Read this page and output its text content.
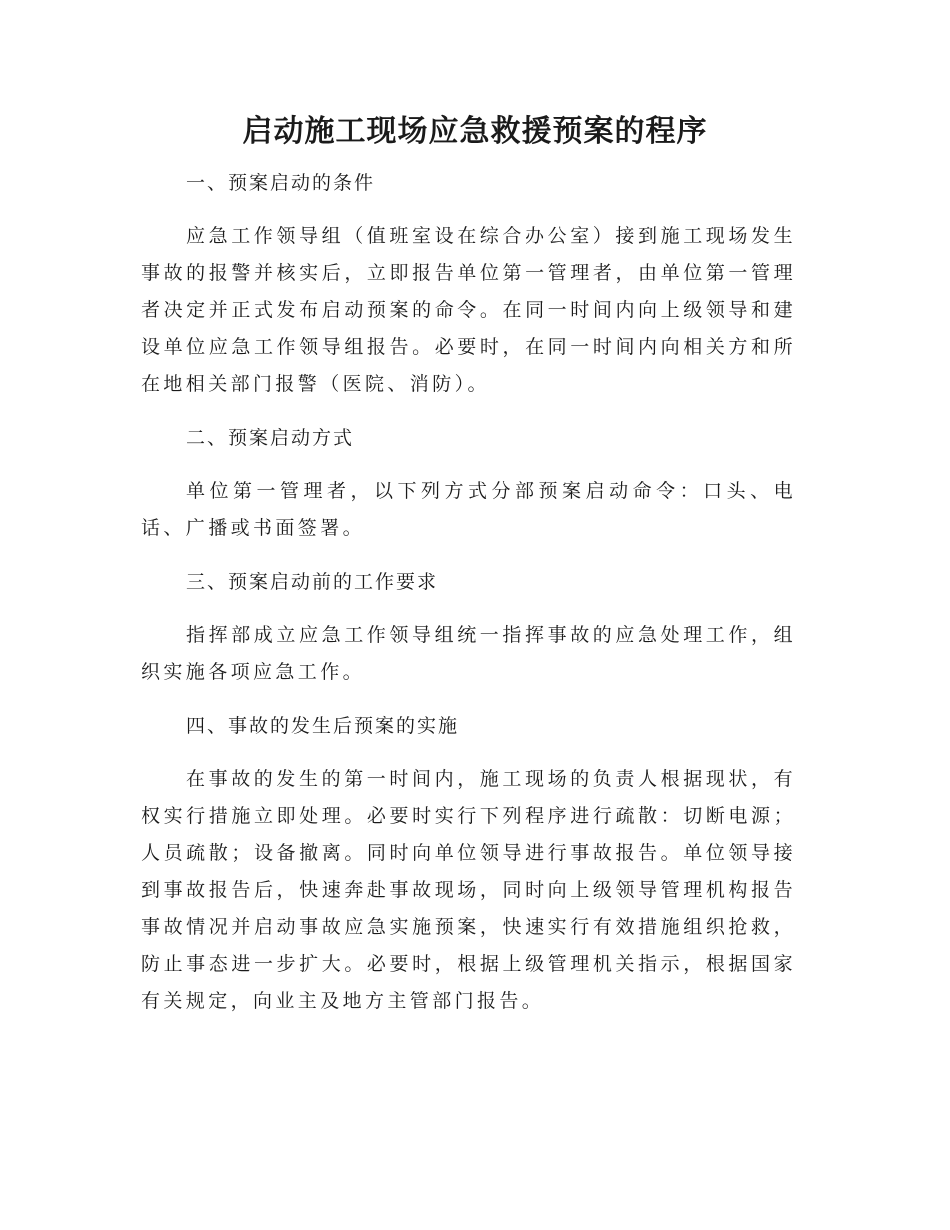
启动施工现场应急救援预案的程序

一、预案启动的条件

应急工作领导组（值班室设在综合办公室）接到施工现场发生事故的报警并核实后，立即报告单位第一管理者，由单位第一管理者决定并正式发布启动预案的命令。在同一时间内向上级领导和建设单位应急工作领导组报告。必要时，在同一时间内向相关方和所在地相关部门报警（医院、消防）。

二、预案启动方式

单位第一管理者，以下列方式分部预案启动命令：口头、电话、广播或书面签署。

三、预案启动前的工作要求

指挥部成立应急工作领导组统一指挥事故的应急处理工作，组织实施各项应急工作。

四、事故的发生后预案的实施

在事故的发生的第一时间内，施工现场的负责人根据现状，有权实行措施立即处理。必要时实行下列程序进行疏散：切断电源；人员疏散；设备撤离。同时向单位领导进行事故报告。单位领导接到事故报告后，快速奔赴事故现场，同时向上级领导管理机构报告事故情况并启动事故应急实施预案，快速实行有效措施组织抢救，防止事态进一步扩大。必要时，根据上级管理机关指示，根据国家有关规定，向业主及地方主管部门报告。
